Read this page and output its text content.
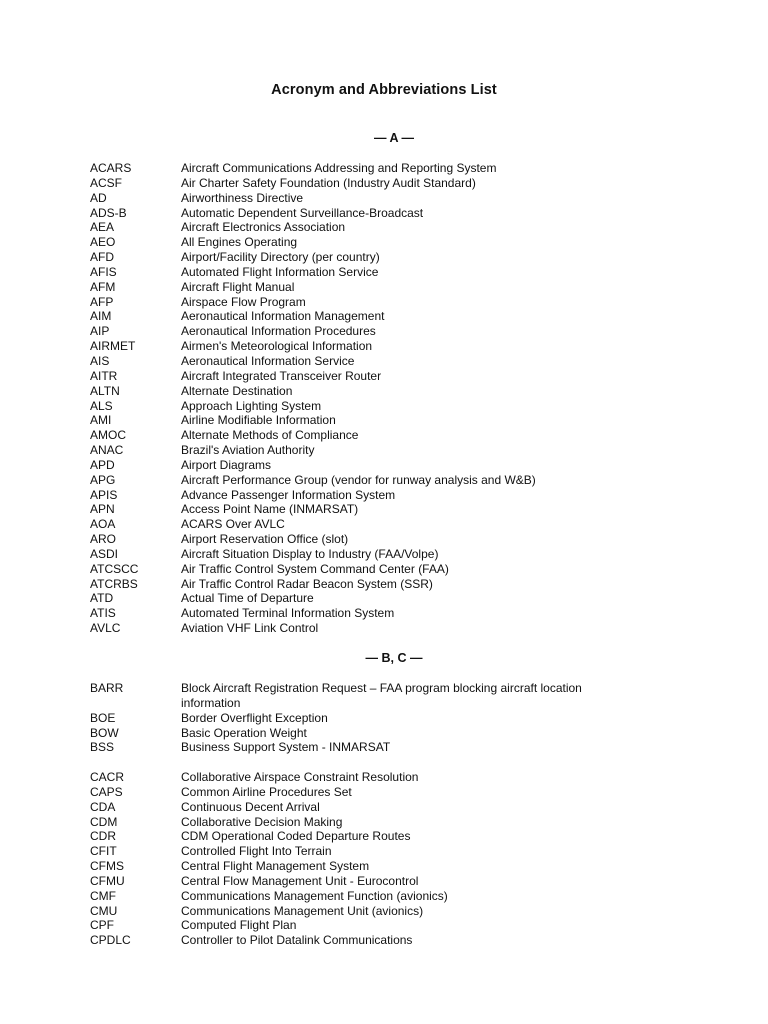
Acronym and Abbreviations List
— A —
ACARS	Aircraft Communications Addressing and Reporting System
ACSF	Air Charter Safety Foundation (Industry Audit Standard)
AD	Airworthiness Directive
ADS-B	Automatic Dependent Surveillance-Broadcast
AEA	Aircraft Electronics Association
AEO	All Engines Operating
AFD	Airport/Facility Directory (per country)
AFIS	Automated Flight Information Service
AFM	Aircraft Flight Manual
AFP	Airspace Flow Program
AIM	Aeronautical Information Management
AIP	Aeronautical Information Procedures
AIRMET	Airmen's Meteorological Information
AIS	Aeronautical Information Service
AITR	Aircraft Integrated Transceiver Router
ALTN	Alternate Destination
ALS	Approach Lighting System
AMI	Airline Modifiable Information
AMOC	Alternate Methods of Compliance
ANAC	Brazil's Aviation Authority
APD	Airport Diagrams
APG	Aircraft Performance Group (vendor for runway analysis and W&B)
APIS	Advance Passenger Information System
APN	Access Point Name (INMARSAT)
AOA	ACARS Over AVLC
ARO	Airport Reservation Office (slot)
ASDI	Aircraft Situation Display to Industry (FAA/Volpe)
ATCSCC	Air Traffic Control System Command Center (FAA)
ATCRBS	Air Traffic Control Radar Beacon System (SSR)
ATD	Actual Time of Departure
ATIS	Automated Terminal Information System
AVLC	Aviation VHF Link Control
— B, C —
BARR	Block Aircraft Registration Request – FAA program blocking aircraft location information
BOE	Border Overflight Exception
BOW	Basic Operation Weight
BSS	Business Support System - INMARSAT
CACR	Collaborative Airspace Constraint Resolution
CAPS	Common Airline Procedures Set
CDA	Continuous Decent Arrival
CDM	Collaborative Decision Making
CDR	CDM Operational Coded Departure Routes
CFIT	Controlled Flight Into Terrain
CFMS	Central Flight Management System
CFMU	Central Flow Management Unit - Eurocontrol
CMF	Communications Management Function (avionics)
CMU	Communications Management Unit (avionics)
CPF	Computed Flight Plan
CPDLC	Controller to Pilot Datalink Communications
